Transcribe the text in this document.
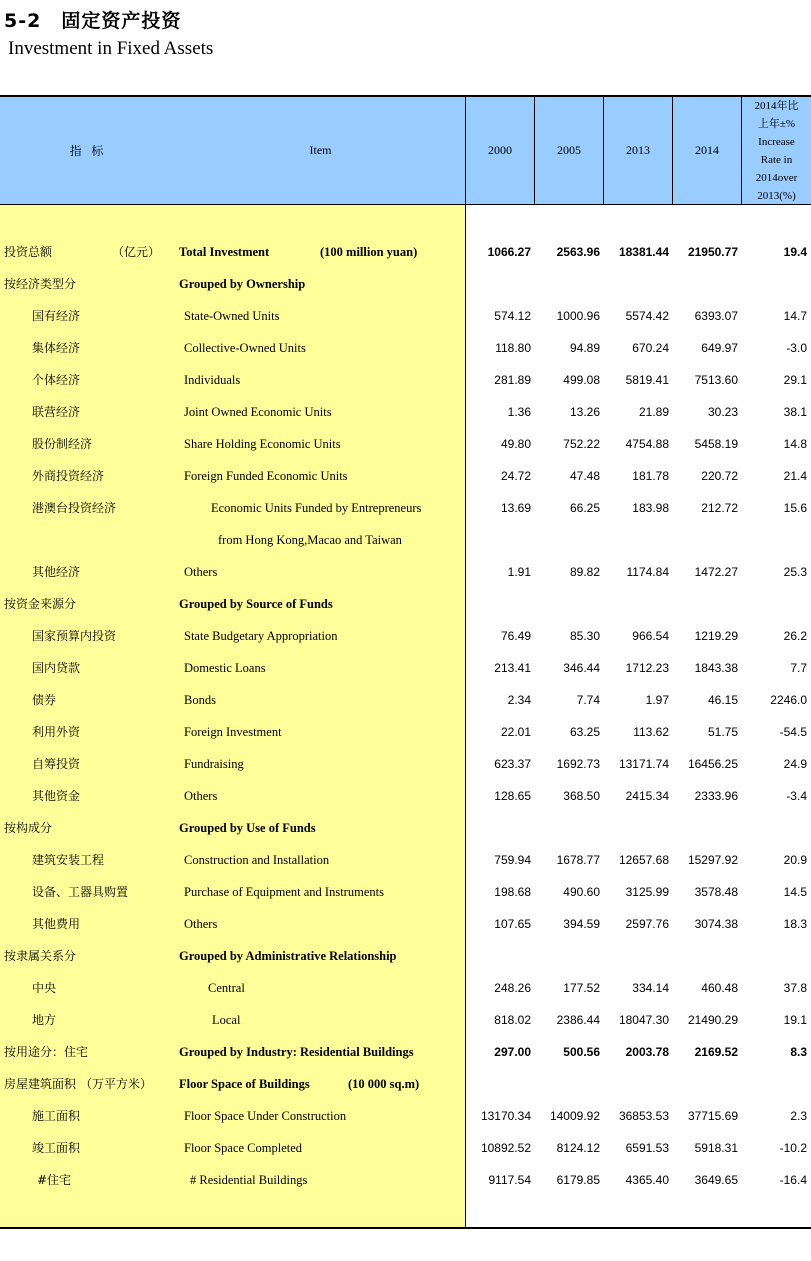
5-2　固定资产投资
Investment in Fixed Assets
指 标	Item	2000	2005	2013	2014
2014年比
上年±%
Increase
Rate in
2014over
2013(%)
投资总额	（亿元） Total Investment	(100 million yuan)	1066.27	2563.96	18381.44	21950.77	19.4
按经济类型分	Grouped by Ownership
国有经济	State-Owned Units	574.12	1000.96	5574.42	6393.07	14.7
集体经济	Collective-Owned Units	118.80	94.89	670.24	649.97	-3.0
个体经济	Individuals	281.89	499.08	5819.41	7513.60	29.1
联营经济	Joint Owned Economic Units	1.36	13.26	21.89	30.23	38.1
股份制经济	Share Holding Economic Units	49.80	752.22	4754.88	5458.19	14.8
外商投资经济	Foreign Funded Economic Units	24.72	47.48	181.78	220.72	21.4
港澳台投资经济	Economic Units Funded by Entrepreneurs	13.69	66.25	183.98	212.72	15.6
from Hong Kong,Macao and Taiwan
其他经济	Others	1.91	89.82	1174.84	1472.27	25.3
按资金来源分	Grouped by Source of Funds
国家预算内投资	State Budgetary Appropriation	76.49	85.30	966.54	1219.29	26.2
国内贷款	Domestic Loans	213.41	346.44	1712.23	1843.38	7.7
债券	Bonds	2.34	7.74	1.97	46.15	2246.0
利用外资	Foreign Investment	22.01	63.25	113.62	51.75	-54.5
自筹投资	Fundraising	623.37	1692.73	13171.74	16456.25	24.9
其他资金	Others	128.65	368.50	2415.34	2333.96	-3.4
按构成分	Grouped by Use of Funds
建筑安装工程	Construction and Installation	759.94	1678.77	12657.68	15297.92	20.9
设备、工器具购置	Purchase of Equipment and Instruments	198.68	490.60	3125.99	3578.48	14.5
其他费用	Others	107.65	394.59	2597.76	3074.38	18.3
按隶属关系分	Grouped by Administrative Relationship
中央	Central	248.26	177.52	334.14	460.48	37.8
地方	Local	818.02	2386.44	18047.30	21490.29	19.1
按用途分：住宅	Grouped by Industry: Residential Buildings	297.00	500.56	2003.78	2169.52	8.3
房屋建筑面积 （万平方米） Floor Space of Buildings	(10 000 sq.m)
施工面积	Floor Space Under Construction	13170.34	14009.92	36853.53	37715.69	2.3
竣工面积	Floor Space Completed	10892.52	8124.12	6591.53	5918.31	-10.2
#住宅	# Residential Buildings	9117.54	6179.85	4365.40	3649.65	-16.4
